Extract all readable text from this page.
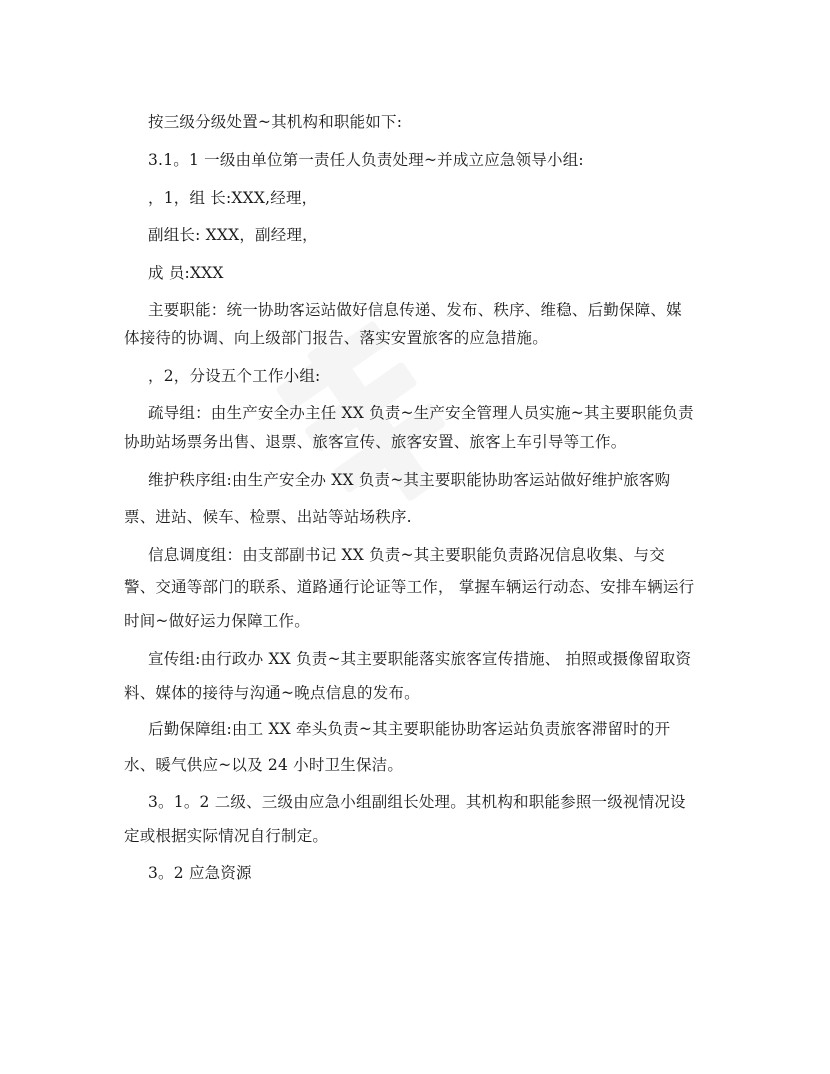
按三级分级处置~其机构和职能如下:
3.1。1 一级由单位第一责任人负责处理~并成立应急领导小组:
，1，组 长:XXX,经理，
副组长: XXX，副经理，
成 员:XXX
主要职能：统一协助客运站做好信息传递、发布、秩序、维稳、后勤保障、媒
体接待的协调、向上级部门报告、落实安置旅客的应急措施。
，2，分设五个工作小组:
疏导组：由生产安全办主任 XX 负责~生产安全管理人员实施~其主要职能负责
协助站场票务出售、退票、旅客宣传、旅客安置、旅客上车引导等工作。
维护秩序组:由生产安全办 XX 负责~其主要职能协助客运站做好维护旅客购
票、进站、候车、检票、出站等站场秩序.
信息调度组：由支部副书记 XX 负责~其主要职能负责路况信息收集、与交
警、交通等部门的联系、道路通行论证等工作， 掌握车辆运行动态、安排车辆运行
时间~做好运力保障工作。
宣传组:由行政办 XX 负责~其主要职能落实旅客宣传措施、 拍照或摄像留取资
料、媒体的接待与沟通~晚点信息的发布。
后勤保障组:由工 XX 牵头负责~其主要职能协助客运站负责旅客滞留时的开
水、暖气供应~以及 24 小时卫生保洁。
3。1。2 二级、三级由应急小组副组长处理。其机构和职能参照一级视情况设
定或根据实际情况自行制定。
3。2 应急资源
